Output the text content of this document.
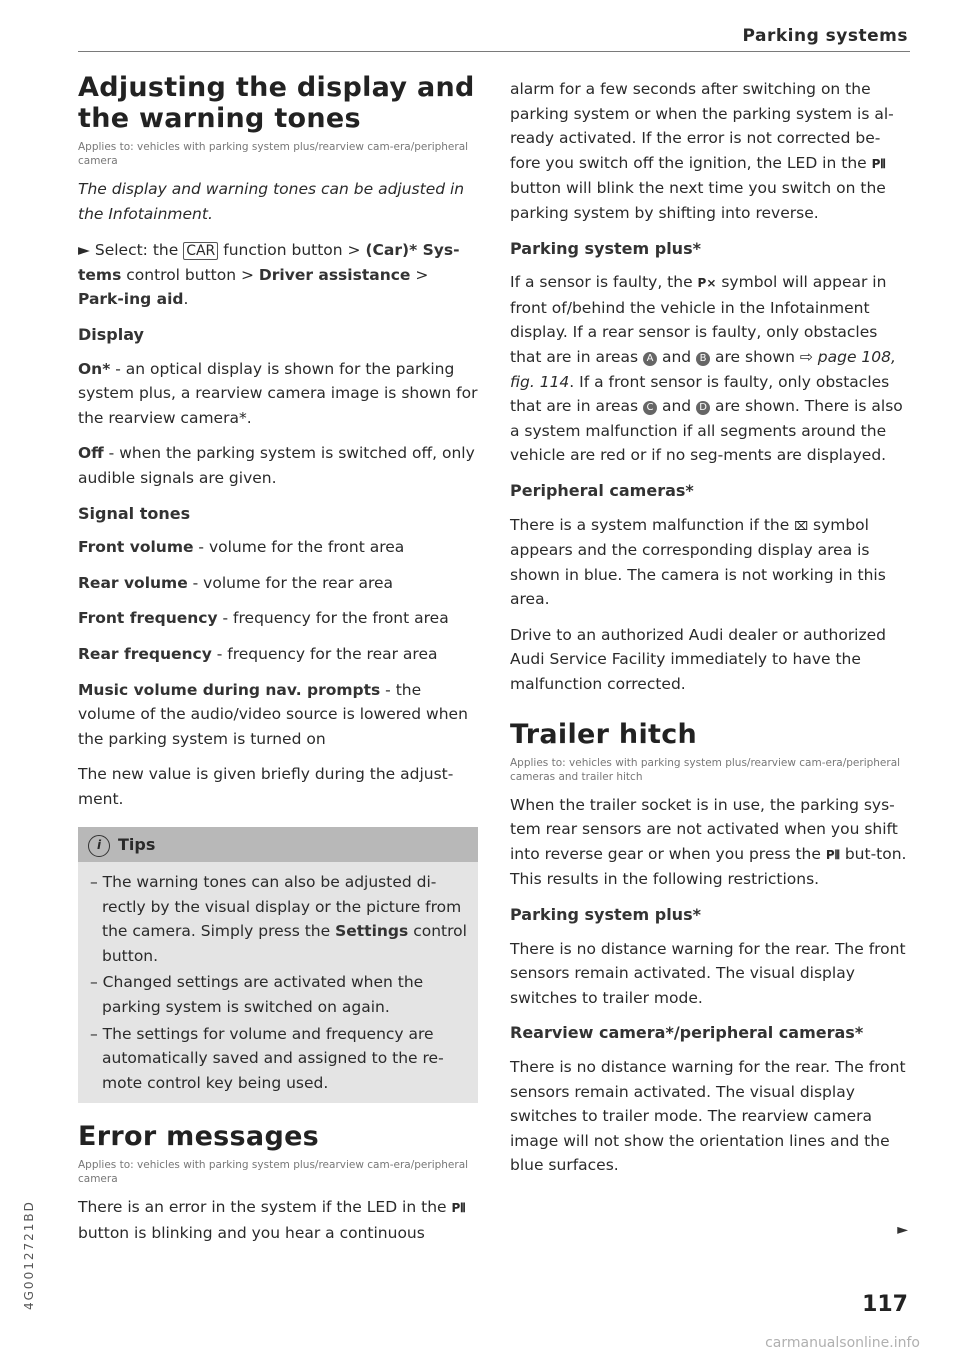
Parking systems
Adjusting the display and the warning tones

Applies to: vehicles with parking system plus/rearview cam-era/peripheral camera

The display and warning tones can be adjusted in the Infotainment.

► Select: the CAR function button > (Car)* Sys-tems control button > Driver assistance > Park-ing aid.

Display

On* - an optical display is shown for the parking system plus, a rearview camera image is shown for the rearview camera*.

Off - when the parking system is switched off, only audible signals are given.

Signal tones

Front volume - volume for the front area

Rear volume - volume for the rear area

Front frequency - frequency for the front area

Rear frequency - frequency for the rear area

Music volume during nav. prompts - the volume of the audio/video source is lowered when the parking system is turned on

The new value is given briefly during the adjust-ment.

i	Tips

– The warning tones can also be adjusted di-rectly by the visual display or the picture from the camera. Simply press the Settings control button.

– Changed settings are activated when the parking system is switched on again.

– The settings for volume and frequency are automatically saved and assigned to the re-mote control key being used.

Error messages

Applies to: vehicles with parking system plus/rearview cam-era/peripheral camera

There is an error in the system if the LED in the P⦀ button is blinking and you hear a continuous

alarm for a few seconds after switching on the parking system or when the parking system is al-ready activated. If the error is not corrected be-fore you switch off the ignition, the LED in the P⦀ button will blink the next time you switch on the parking system by shifting into reverse.

Parking system plus*

If a sensor is faulty, the P⨯ symbol will appear in front of/behind the vehicle in the Infotainment display. If a rear sensor is faulty, only obstacles that are in areas A and B are shown ⇨ page 108, fig. 114. If a front sensor is faulty, only obstacles that are in areas C and D are shown. There is also a system malfunction if all segments around the vehicle are red or if no seg-ments are displayed.

Peripheral cameras*

There is a system malfunction if the ⌧ symbol appears and the corresponding display area is shown in blue. The camera is not working in this area.

Drive to an authorized Audi dealer or authorized Audi Service Facility immediately to have the malfunction corrected.

Trailer hitch

Applies to: vehicles with parking system plus/rearview cam-era/peripheral cameras and trailer hitch

When the trailer socket is in use, the parking sys-tem rear sensors are not activated when you shift into reverse gear or when you press the P⦀ but-ton. This results in the following restrictions.

Parking system plus*

There is no distance warning for the rear. The front sensors remain activated. The visual display switches to trailer mode.

Rearview camera*/peripheral cameras*

There is no distance warning for the rear. The front sensors remain activated. The visual display switches to trailer mode. The rearview camera image will not show the orientation lines and the blue surfaces.

4G0012721BD	►
117
carmanualsonline.info
